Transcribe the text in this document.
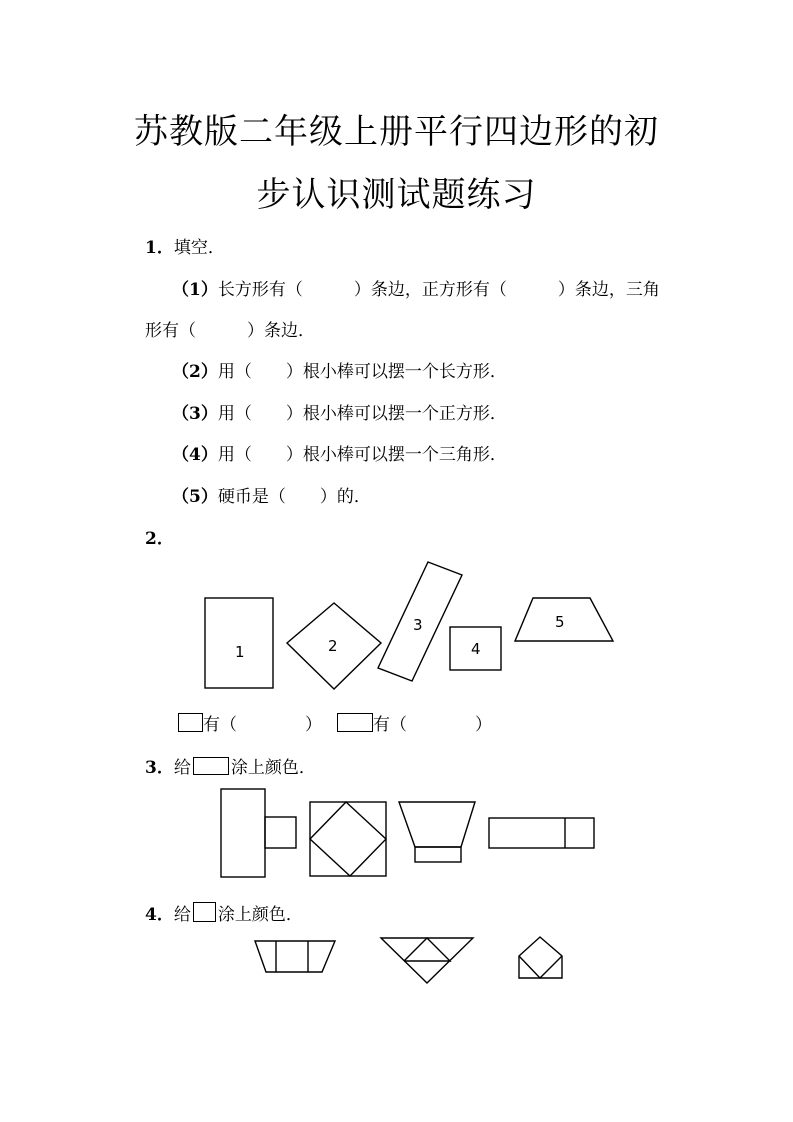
苏教版二年级上册平行四边形的初
步认识测试题练习
1．填空．
（1）长方形有（　　　）条边，正方形有（　　　）条边，三角
形有（　　　）条边．
（2）用（　　）根小棒可以摆一个长方形．
（3）用（　　）根小棒可以摆一个正方形．
（4）用（　　）根小棒可以摆一个三角形．
（5）硬币是（　　）的．
2．
1	2
3
4
5
有（　　　　）	有（　　　　）
3．给 涂上颜色．
4．给 涂上颜色．
